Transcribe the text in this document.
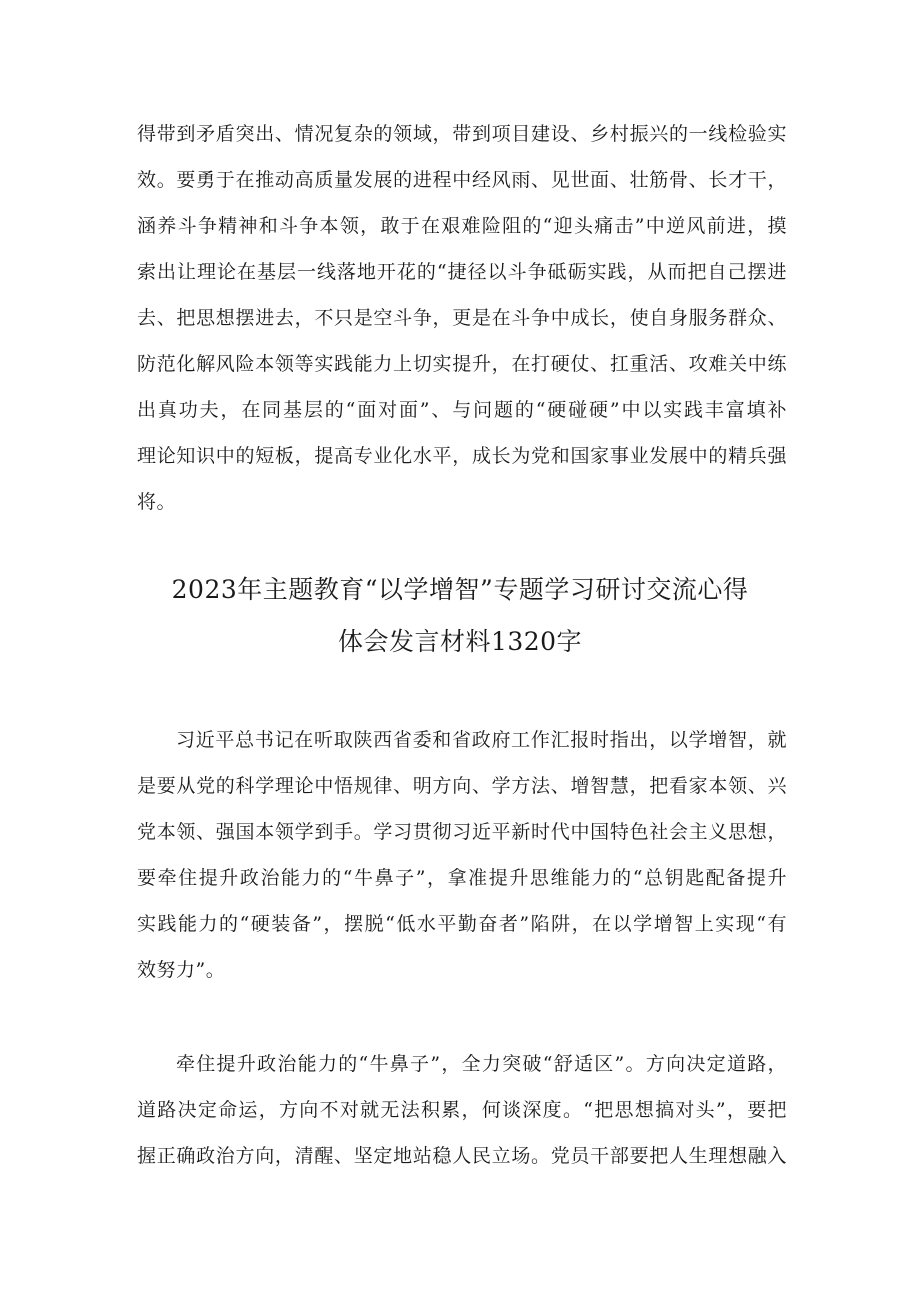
得带到矛盾突出、情况复杂的领域，带到项目建设、乡村振兴的一线检验实
效。要勇于在推动高质量发展的进程中经风雨、见世面、壮筋骨、长才干，
涵养斗争精神和斗争本领，敢于在艰难险阻的“迎头痛击”中逆风前进，摸
索出让理论在基层一线落地开花的“捷径以斗争砥砺实践，从而把自己摆进
去、把思想摆进去，不只是空斗争，更是在斗争中成长，使自身服务群众、
防范化解风险本领等实践能力上切实提升，在打硬仗、扛重活、攻难关中练
出真功夫，在同基层的“面对面”、与问题的“硬碰硬”中以实践丰富填补
理论知识中的短板，提高专业化水平，成长为党和国家事业发展中的精兵强
将。
2023年主题教育“以学增智”专题学习研讨交流心得
体会发言材料1320字
习近平总书记在听取陕西省委和省政府工作汇报时指出，以学增智，就
是要从党的科学理论中悟规律、明方向、学方法、增智慧，把看家本领、兴
党本领、强国本领学到手。学习贯彻习近平新时代中国特色社会主义思想，
要牵住提升政治能力的“牛鼻子”，拿准提升思维能力的“总钥匙配备提升
实践能力的“硬装备”，摆脱“低水平勤奋者”陷阱，在以学增智上实现“有
效努力”。
牵住提升政治能力的“牛鼻子”，全力突破“舒适区”。方向决定道路，
道路决定命运，方向不对就无法积累，何谈深度。“把思想搞对头”，要把
握正确政治方向，清醒、坚定地站稳人民立场。党员干部要把人生理想融入
